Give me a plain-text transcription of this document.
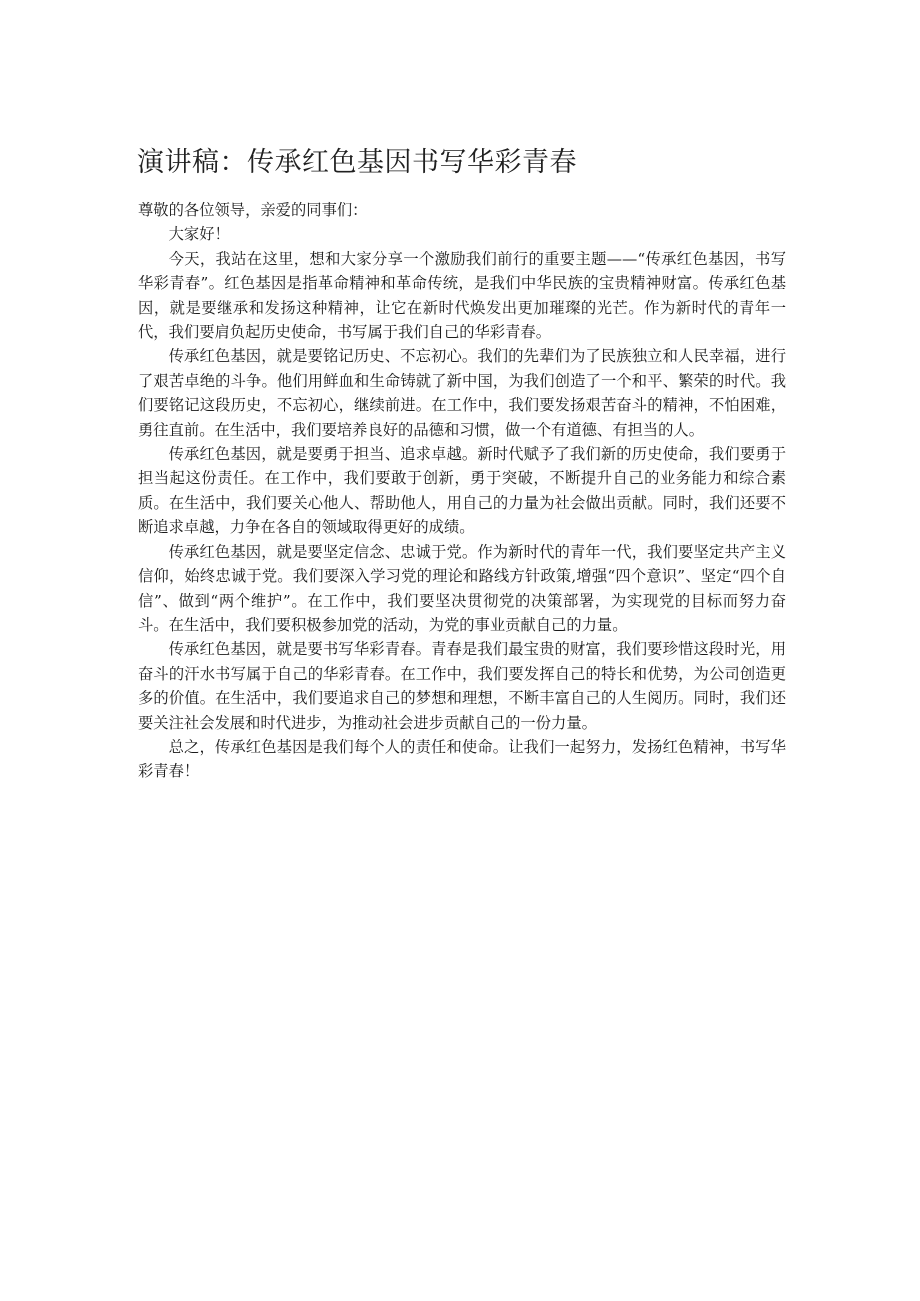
演讲稿：传承红色基因书写华彩青春

尊敬的各位领导，亲爱的同事们：

大家好！

今天，我站在这里，想和大家分享一个激励我们前行的重要主题——“传承红色基因，书写华彩青春”。红色基因是指革命精神和革命传统，是我们中华民族的宝贵精神财富。传承红色基因，就是要继承和发扬这种精神，让它在新时代焕发出更加璀璨的光芒。作为新时代的青年一代，我们要肩负起历史使命，书写属于我们自己的华彩青春。

传承红色基因，就是要铭记历史、不忘初心。我们的先辈们为了民族独立和人民幸福，进行了艰苦卓绝的斗争。他们用鲜血和生命铸就了新中国，为我们创造了一个和平、繁荣的时代。我们要铭记这段历史，不忘初心，继续前进。在工作中，我们要发扬艰苦奋斗的精神，不怕困难，勇往直前。在生活中，我们要培养良好的品德和习惯，做一个有道德、有担当的人。

传承红色基因，就是要勇于担当、追求卓越。新时代赋予了我们新的历史使命，我们要勇于担当起这份责任。在工作中，我们要敢于创新，勇于突破，不断提升自己的业务能力和综合素质。在生活中，我们要关心他人、帮助他人，用自己的力量为社会做出贡献。同时，我们还要不断追求卓越，力争在各自的领域取得更好的成绩。

传承红色基因，就是要坚定信念、忠诚于党。作为新时代的青年一代，我们要坚定共产主义信仰，始终忠诚于党。我们要深入学习党的理论和路线方针政策,增强“四个意识”、坚定“四个自信”、做到“两个维护”。在工作中，我们要坚决贯彻党的决策部署，为实现党的目标而努力奋斗。在生活中，我们要积极参加党的活动，为党的事业贡献自己的力量。

传承红色基因，就是要书写华彩青春。青春是我们最宝贵的财富，我们要珍惜这段时光，用奋斗的汗水书写属于自己的华彩青春。在工作中，我们要发挥自己的特长和优势，为公司创造更多的价值。在生活中，我们要追求自己的梦想和理想，不断丰富自己的人生阅历。同时，我们还要关注社会发展和时代进步，为推动社会进步贡献自己的一份力量。

总之，传承红色基因是我们每个人的责任和使命。让我们一起努力，发扬红色精神，书写华彩青春！
